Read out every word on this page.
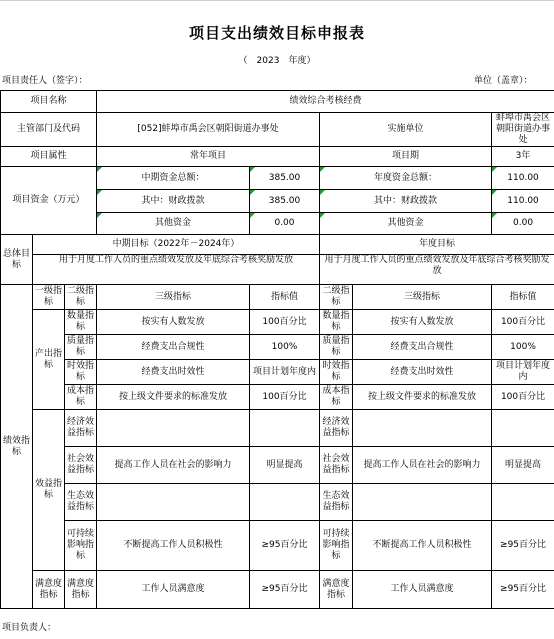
项目支出绩效目标申报表
（　2023　年度）
项目责任人（签字）：	单位（盖章）：
项目名称			绩效综合考核经费				
主管部门及代码			[052]蚌埠市禹会区朝阳街道办事处		实施单位		蚌埠市禹会区朝阳街道办事处
项目属性			常年项目		项目期		3年
项目资金（万元）			中期资金总额：	385.00	年度资金总额：		110.00
			其中：财政拨款	385.00	其中：财政拨款		110.00
			其他资金	0.00	其他资金		0.00
总体目标	中期目标（2022年－2024年）				年度目标		
	用于月度工作人员的重点绩效发放及年底综合考核奖励发放				用于月度工作人员的重点绩效发放及年底综合考核奖励发放		
绩效指标	一级指标	二级指标	三级指标	指标值	二级指标	三级指标	指标值
	产出指标	数量指标	按实有人数发放	100百分比	数量指标	按实有人数发放	100百分比
		质量指标	经费支出合规性	100%	质量指标	经费支出合规性	100%
		时效指标	经费支出时效性	项目计划年度内	时效指标	经费支出时效性	项目计划年度内
		成本指标	按上级文件要求的标准发放	100百分比	成本指标	按上级文件要求的标准发放	100百分比
	效益指标	经济效益指标			经济效益指标		
		社会效益指标	提高工作人员在社会的影响力	明显提高	社会效益指标	提高工作人员在社会的影响力	明显提高
		生态效益指标			生态效益指标		
		可持续影响指标	不断提高工作人员积极性	≥95百分比	可持续影响指标	不断提高工作人员积极性	≥95百分比
	满意度指标	满意度指标	工作人员满意度	≥95百分比	满意度指标	工作人员满意度	≥95百分比
项目负责人：
